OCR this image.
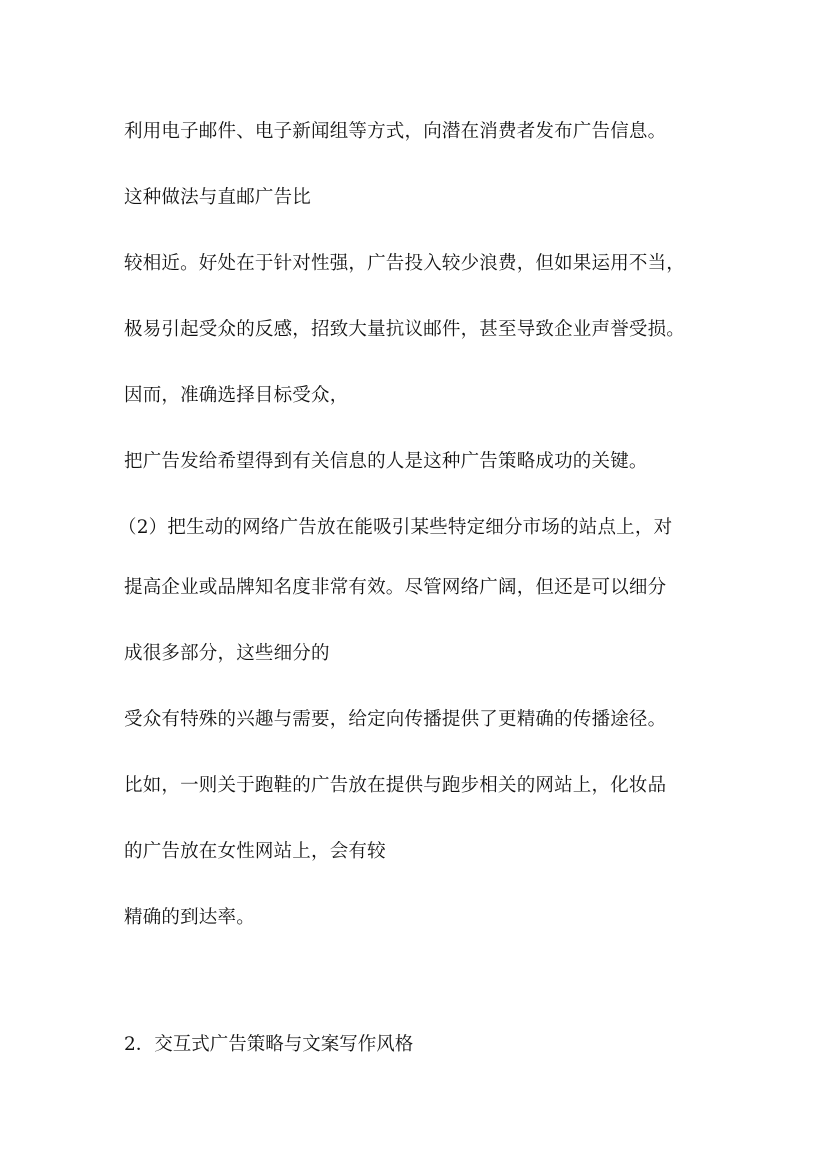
利用电子邮件、电子新闻组等方式，向潜在消费者发布广告信息。

这种做法与直邮广告比

较相近。好处在于针对性强，广告投入较少浪费，但如果运用不当，

极易引起受众的反感，招致大量抗议邮件，甚至导致企业声誉受损。

因而，准确选择目标受众，

把广告发给希望得到有关信息的人是这种广告策略成功的关键。

（2）把生动的网络广告放在能吸引某些特定细分市场的站点上，对

提高企业或品牌知名度非常有效。尽管网络广阔，但还是可以细分

成很多部分，这些细分的

受众有特殊的兴趣与需要，给定向传播提供了更精确的传播途径。

比如，一则关于跑鞋的广告放在提供与跑步相关的网站上，化妆品

的广告放在女性网站上，会有较

精确的到达率。

2．交互式广告策略与文案写作风格
